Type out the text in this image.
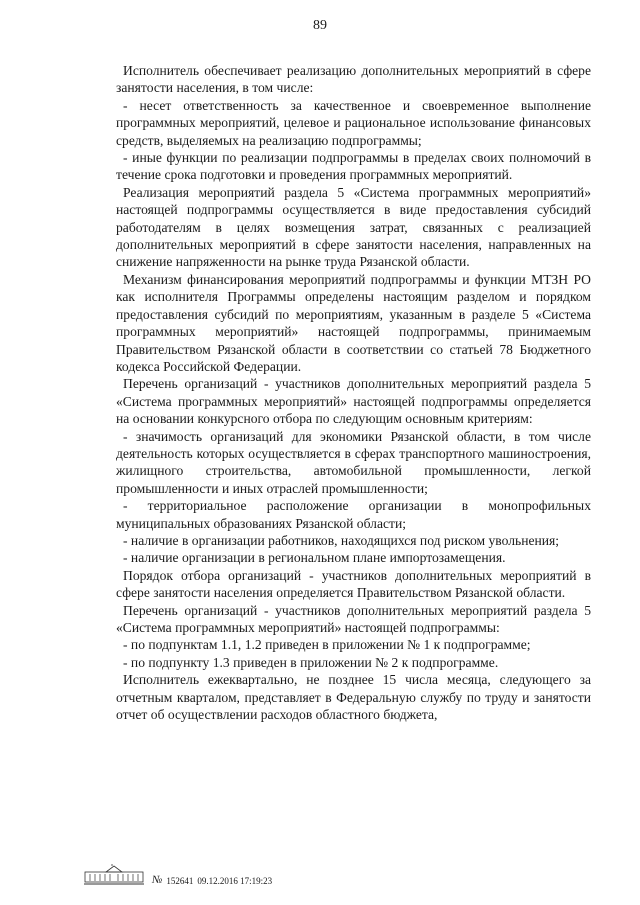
89

Исполнитель обеспечивает реализацию дополнительных мероприятий в сфере занятости населения, в том числе:

- несет ответственность за качественное и своевременное выполнение программных мероприятий, целевое и рациональное использование финансовых средств, выделяемых на реализацию подпрограммы;

- иные функции по реализации подпрограммы в пределах своих полномочий в течение срока подготовки и проведения программных мероприятий.

Реализация мероприятий раздела 5 «Система программных мероприятий» настоящей подпрограммы осуществляется в виде предоставления субсидий работодателям в целях возмещения затрат, связанных с реализацией дополнительных мероприятий в сфере занятости населения, направленных на снижение напряженности на рынке труда Рязанской области.

Механизм финансирования мероприятий подпрограммы и функции МТЗН РО как исполнителя Программы определены настоящим разделом и порядком предоставления субсидий по мероприятиям, указанным в разделе 5 «Система программных мероприятий» настоящей подпрограммы, принимаемым Правительством Рязанской области в соответствии со статьей 78 Бюджетного кодекса Российской Федерации.

Перечень организаций - участников дополнительных мероприятий раздела 5 «Система программных мероприятий» настоящей подпрограммы определяется на основании конкурсного отбора по следующим основным критериям:

- значимость организаций для экономики Рязанской области, в том числе деятельность которых осуществляется в сферах транспортного машиностроения, жилищного строительства, автомобильной промышленности, легкой промышленности и иных отраслей промышленности;

- территориальное расположение организации в монопрофильных муниципальных образованиях Рязанской области;

- наличие в организации работников, находящихся под риском увольнения;

- наличие организации в региональном плане импортозамещения.

Порядок отбора организаций - участников дополнительных мероприятий в сфере занятости населения определяется Правительством Рязанской области.

Перечень организаций - участников дополнительных мероприятий раздела 5 «Система программных мероприятий» настоящей подпрограммы:

- по подпунктам 1.1, 1.2 приведен в приложении № 1 к подпрограмме;

- по подпункту 1.3 приведен в приложении № 2 к подпрограмме.

Исполнитель ежеквартально, не позднее 15 числа месяца, следующего за отчетным кварталом, представляет в Федеральную службу по труду и занятости отчет об осуществлении расходов областного бюджета,

№ 152641 09.12.2016 17:19:23
